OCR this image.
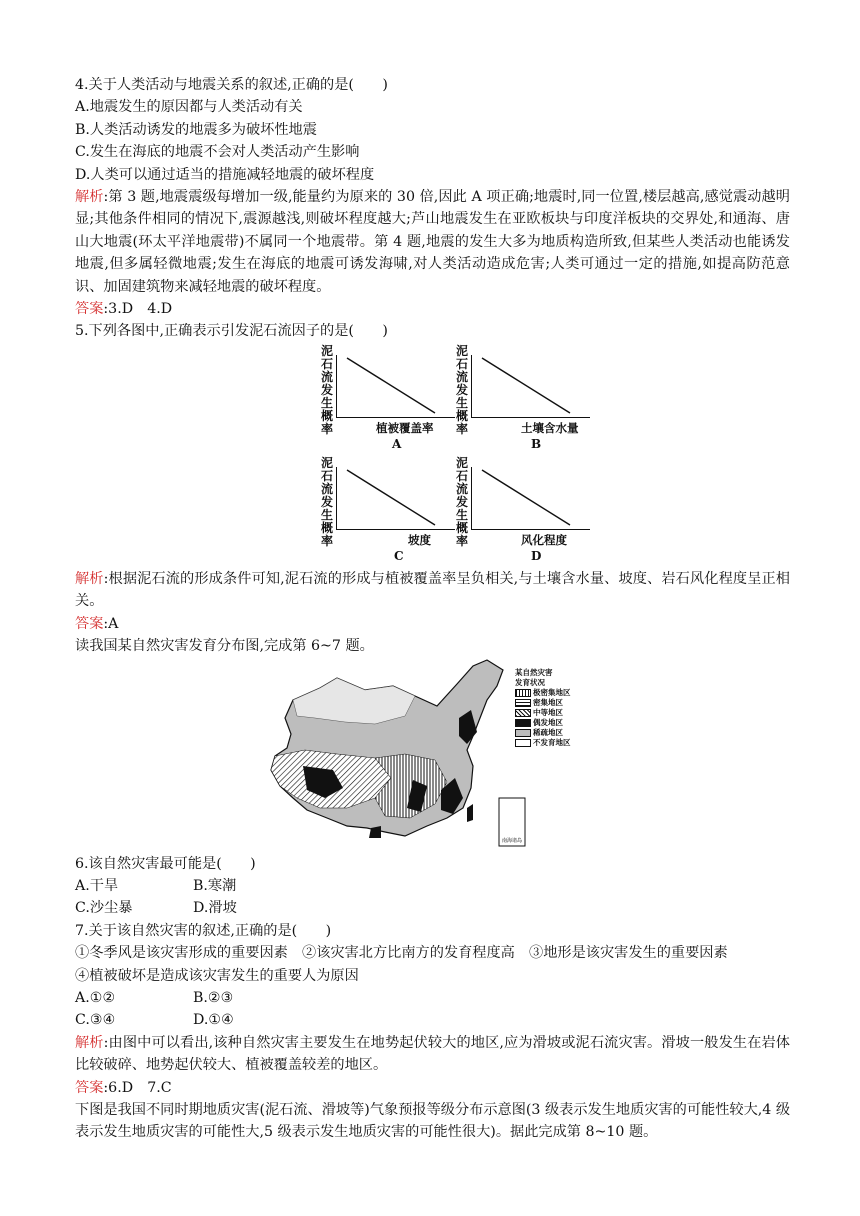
4.关于人类活动与地震关系的叙述,正确的是(　　)
A.地震发生的原因都与人类活动有关
B.人类活动诱发的地震多为破坏性地震
C.发生在海底的地震不会对人类活动产生影响
D.人类可以通过适当的措施减轻地震的破坏程度
解析:第 3 题,地震震级每增加一级,能量约为原来的 30 倍,因此 A 项正确;地震时,同一位置,楼层越高,感觉震动越明显;其他条件相同的情况下,震源越浅,则破坏程度越大;芦山地震发生在亚欧板块与印度洋板块的交界处,和通海、唐山大地震(环太平洋地震带)不属同一个地震带。第 4 题,地震的发生大多为地质构造所致,但某些人类活动也能诱发地震,但多属轻微地震;发生在海底的地震可诱发海啸,对人类活动造成危害;人类可通过一定的措施,如提高防范意识、加固建筑物来减轻地震的破坏程度。
答案:3.D　4.D
5.下列各图中,正确表示引发泥石流因子的是(　　)
泥石流发生概率	植被覆盖率
A
泥石流发生概率	土壤含水量
B
泥石流发生概率	坡度
C
泥石流发生概率	风化程度
D
解析:根据泥石流的形成条件可知,泥石流的形成与植被覆盖率呈负相关,与土壤含水量、坡度、岩石风化程度呈正相关。
答案:A
读我国某自然灾害发育分布图,完成第 6~7 题。
南海诸岛
某自然灾害
发育状况
极密集地区
密集地区
中等地区
偶发地区
稀疏地区
不发育地区
6.该自然灾害最可能是(　　)
A.干旱	B.寒潮
C.沙尘暴	D.滑坡
7.关于该自然灾害的叙述,正确的是(　　)
①冬季风是该灾害形成的重要因素　②该灾害北方比南方的发育程度高　③地形是该灾害发生的重要因素
④植被破坏是造成该灾害发生的重要人为原因
A.①②	B.②③
C.③④	D.①④
解析:由图中可以看出,该种自然灾害主要发生在地势起伏较大的地区,应为滑坡或泥石流灾害。滑坡一般发生在岩体比较破碎、地势起伏较大、植被覆盖较差的地区。
答案:6.D　7.C
下图是我国不同时期地质灾害(泥石流、滑坡等)气象预报等级分布示意图(3 级表示发生地质灾害的可能性较大,4 级表示发生地质灾害的可能性大,5 级表示发生地质灾害的可能性很大)。据此完成第 8~10 题。
